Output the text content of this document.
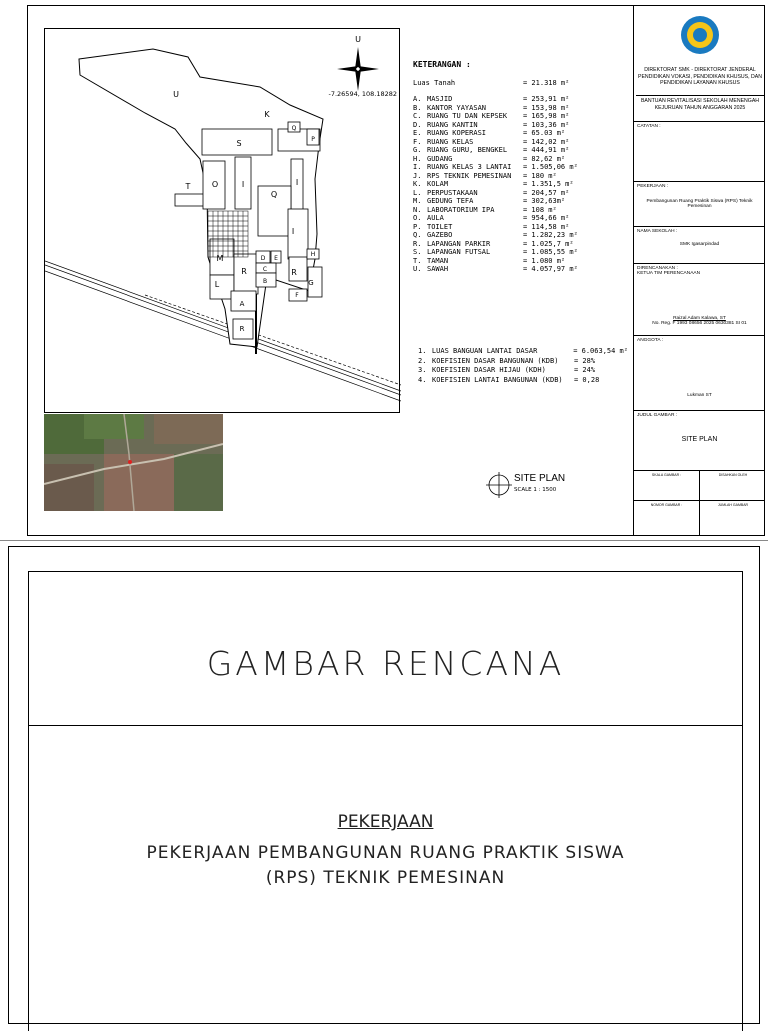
U
K
Q
P
S
T	O	I	I
Q
I
M
L
R
D E
C
B
R
H
G
F
A
R
U
-7.26594, 108.18282
KETERANGAN :
Luas Tanah	= 21.318 m²
A. MASJID	= 253,91 m²
B. KANTOR YAYASAN	= 153,98 m²
C. RUANG TU DAN KEPSEK	= 165,98 m²
D. RUANG KANTIN	= 103,36 m²
E. RUANG KOPERASI	= 65.03 m²
F. RUANG KELAS	= 142,02 m²
G. RUANG GURU, BENGKEL	= 444,91 m²
H. GUDANG	= 82,62 m²
I. RUANG KELAS 3 LANTAI	= 1.505,06 m²
J. RPS TEKNIK PEMESINAN	= 180 m²
K. KOLAM	= 1.351,5 m²
L. PERPUSTAKAAN	= 204,57 m²
M. GEDUNG TEFA	= 302,63m²
N. LABORATORIUM IPA	= 108 m²
O. AULA	= 954,66 m²
P. TOILET	= 114,58 m²
Q. GAZEBO	= 1.282,23 m²
R. LAPANGAN PARKIR	= 1.025,7 m²
S. LAPANGAN FUTSAL	= 1.085,55 m²
T. TAMAN	= 1.080 m²
U. SAWAH	= 4.057,97 m²
1. LUAS BANGUAN LANTAI DASAR	= 6.063,54 m²
2. KOEFISIEN DASAR BANGUNAN (KDB)	= 28%
3. KOEFISIEN DASAR HIJAU (KDH)	= 24%
4. KOEFISIEN LANTAI BANGUNAN (KDB)	= 0,28
SITE PLAN
SCALE 1 : 1500
DIREKTORAT SMK - DIREKTORAT JENDERAL PENDIDIKAN VOKASI, PENDIDIKAN KHUSUS, DAN PENDIDIKAN LAYANAN KHUSUS
BANTUAN REVITALISASI SEKOLAH MENENGAH KEJURUAN TAHUN ANGGARAN 2025
CATATAN :
PEKERJAAN :
Pembangunan Ruang Praktik Siswa (RPS) Teknik Pemesinan
NAMA SEKOLAH :
SMK Igasarpindad
DIRENCANAKAN :
KETUA TIM PERENCANAAN
Raizal Adam Kalawa, ST
No. Reg. F 1993 08656 2025 0630381 SI 01
ANGGOTA :
Lukman ST
JUDUL GAMBAR :
SITE PLAN
SKALA GAMBAR :	DISAHKAN OLEH
NOMOR GAMBAR :	JUMLAH GAMBAR
GAMBAR RENCANA
PEKERJAAN
PEKERJAAN PEMBANGUNAN RUANG PRAKTIK SISWA
(RPS) TEKNIK PEMESINAN
